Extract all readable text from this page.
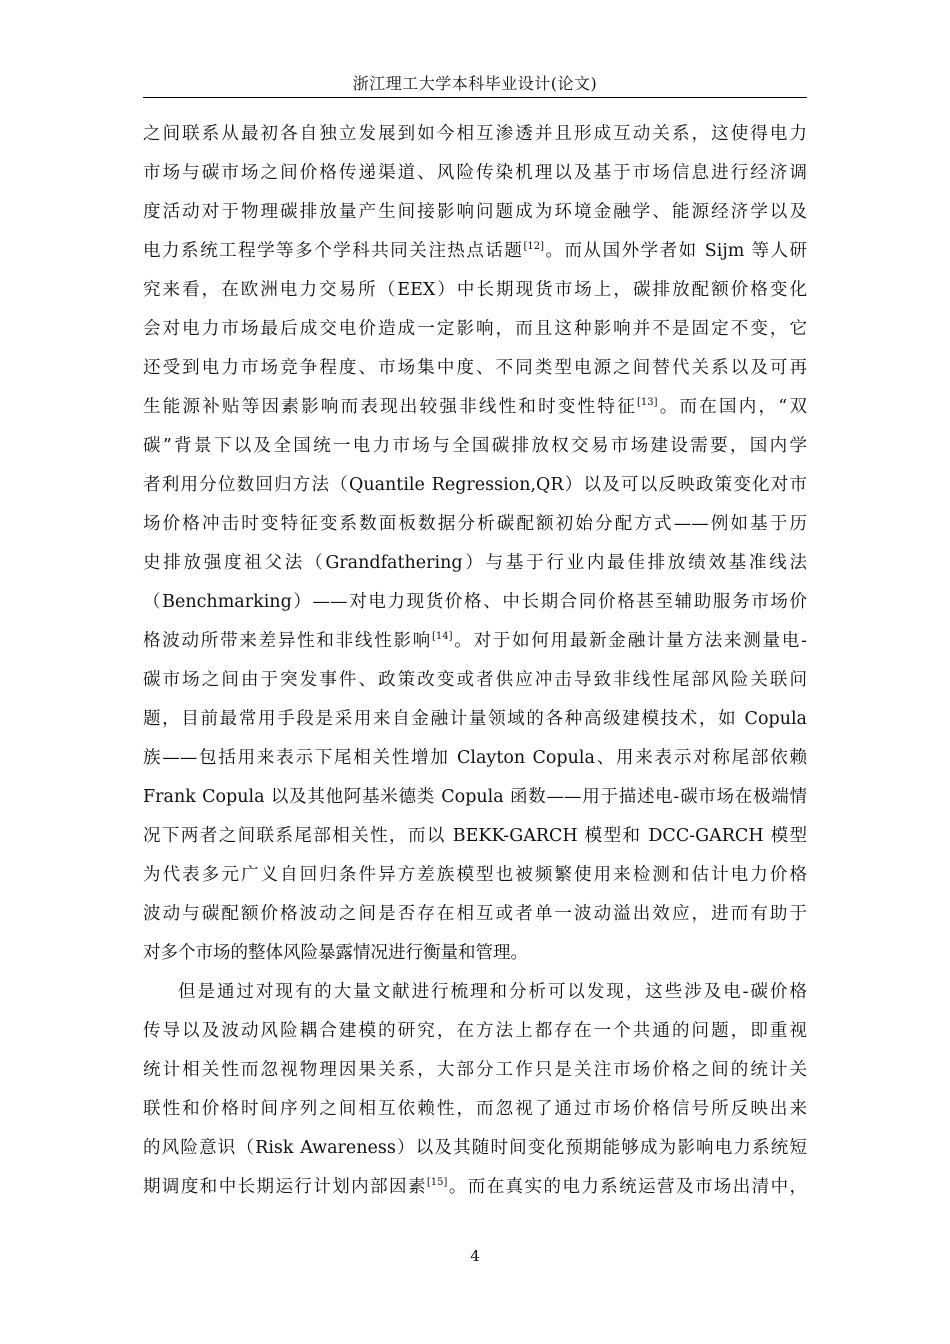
浙江理工大学本科毕业设计(论文)
之间联系从最初各自独立发展到如今相互渗透并且形成互动关系，这使得电力
市场与碳市场之间价格传递渠道、风险传染机理以及基于市场信息进行经济调
度活动对于物理碳排放量产生间接影响问题成为环境金融学、能源经济学以及
电力系统工程学等多个学科共同关注热点话题[12]。而从国外学者如 Sijm 等人研
究来看，在欧洲电力交易所（EEX）中长期现货市场上，碳排放配额价格变化
会对电力市场最后成交电价造成一定影响，而且这种影响并不是固定不变，它
还受到电力市场竞争程度、市场集中度、不同类型电源之间替代关系以及可再
生能源补贴等因素影响而表现出较强非线性和时变性特征[13]。而在国内，“双
碳”背景下以及全国统一电力市场与全国碳排放权交易市场建设需要，国内学
者利用分位数回归方法（Quantile Regression,QR）以及可以反映政策变化对市
场价格冲击时变特征变系数面板数据分析碳配额初始分配方式——例如基于历
史排放强度祖父法（Grandfathering）与基于行业内最佳排放绩效基准线法
（Benchmarking）——对电力现货价格、中长期合同价格甚至辅助服务市场价
格波动所带来差异性和非线性影响[14]。对于如何用最新金融计量方法来测量电-
碳市场之间由于突发事件、政策改变或者供应冲击导致非线性尾部风险关联问
题，目前最常用手段是采用来自金融计量领域的各种高级建模技术，如 Copula
族——包括用来表示下尾相关性增加 Clayton Copula、用来表示对称尾部依赖
Frank Copula 以及其他阿基米德类 Copula 函数——用于描述电-碳市场在极端情
况下两者之间联系尾部相关性，而以 BEKK-GARCH 模型和 DCC-GARCH 模型
为代表多元广义自回归条件异方差族模型也被频繁使用来检测和估计电力价格
波动与碳配额价格波动之间是否存在相互或者单一波动溢出效应，进而有助于
对多个市场的整体风险暴露情况进行衡量和管理。
但是通过对现有的大量文献进行梳理和分析可以发现，这些涉及电-碳价格
传导以及波动风险耦合建模的研究，在方法上都存在一个共通的问题，即重视
统计相关性而忽视物理因果关系，大部分工作只是关注市场价格之间的统计关
联性和价格时间序列之间相互依赖性，而忽视了通过市场价格信号所反映出来
的风险意识（Risk Awareness）以及其随时间变化预期能够成为影响电力系统短
期调度和中长期运行计划内部因素[15]。而在真实的电力系统运营及市场出清中，
4
